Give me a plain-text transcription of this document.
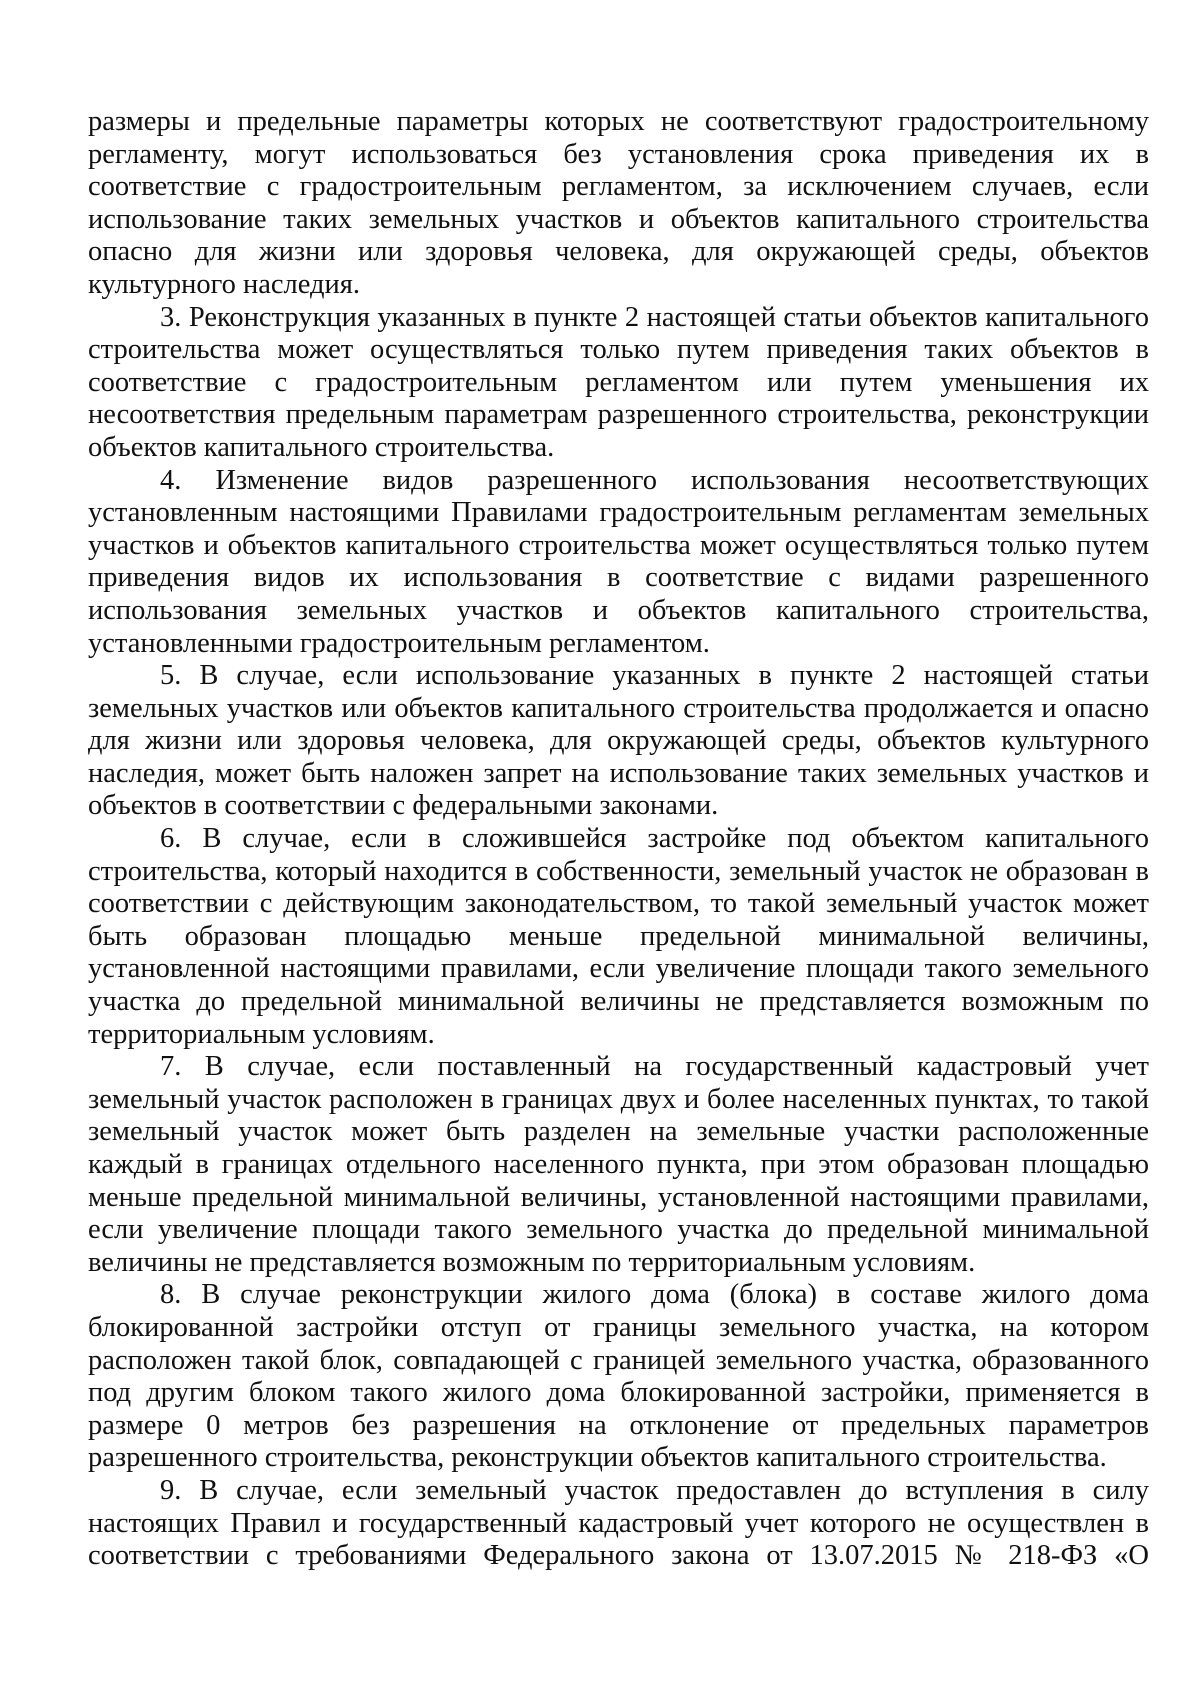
размеры и предельные параметры которых не соответствуют градостроительному регламенту, могут использоваться без установления срока приведения их в соответствие с градостроительным регламентом, за исключением случаев, если использование таких земельных участков и объектов капитального строительства опасно для жизни или здоровья человека, для окружающей среды, объектов культурного наследия.

3. Реконструкция указанных в пункте 2 настоящей статьи объектов капитального строительства может осуществляться только путем приведения таких объектов в соответствие с градостроительным регламентом или путем уменьшения их несоответствия предельным параметрам разрешенного строительства, реконструкции объектов капитального строительства.

4. Изменение видов разрешенного использования несоответствующих установленным настоящими Правилами градостроительным регламентам земельных участков и объектов капитального строительства может осуществляться только путем приведения видов их использования в соответствие с видами разрешенного использования земельных участков и объектов капитального строительства, установленными градостроительным регламентом.

5. В случае, если использование указанных в пункте 2 настоящей статьи земельных участков или объектов капитального строительства продолжается и опасно для жизни или здоровья человека, для окружающей среды, объектов культурного наследия, может быть наложен запрет на использование таких земельных участков и объектов в соответствии с федеральными законами.

6. В случае, если в сложившейся застройке под объектом капитального строительства, который находится в собственности, земельный участок не образован в соответствии с действующим законодательством, то такой земельный участок может быть образован площадью меньше предельной минимальной величины, установленной настоящими правилами, если увеличение площади такого земельного участка до предельной минимальной величины не представляется возможным по территориальным условиям.

7. В случае, если поставленный на государственный кадастровый учет земельный участок расположен в границах двух и более населенных пунктах, то такой земельный участок может быть разделен на земельные участки расположенные каждый в границах отдельного населенного пункта, при этом образован площадью меньше предельной минимальной величины, установленной настоящими правилами, если увеличение площади такого земельного участка до предельной минимальной величины не представляется возможным по территориальным условиям.

8. В случае реконструкции жилого дома (блока) в составе жилого дома блокированной застройки отступ от границы земельного участка, на котором расположен такой блок, совпадающей с границей земельного участка, образованного под другим блоком такого жилого дома блокированной застройки, применяется в размере 0 метров без разрешения на отклонение от предельных параметров разрешенного строительства, реконструкции объектов капитального строительства.

9. В случае, если земельный участок предоставлен до вступления в силу настоящих Правил и государственный кадастровый учет которого не осуществлен в соответствии с требованиями Федерального закона от 13.07.2015 № 218-ФЗ «О
